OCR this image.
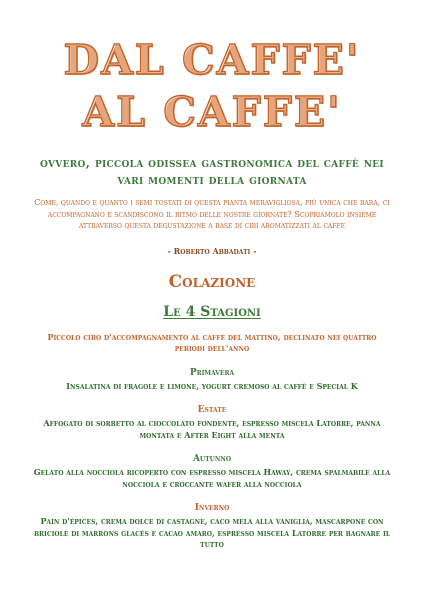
DAL CAFFE'
AL CAFFE'
ovvero, piccola odissea gastronomica del caffè nei vari momenti della giornata
Come, quando e quanto i semi tostati di questa pianta meravigliosa, più unica che rara, ci accompagnano e scandiscono il ritmo delle nostre giornate? Scopriamolo insieme attraverso questa degustazione a base di cibi aromatizzati al caffè
- Roberto Abbadati -
Colazione
Le 4 Stagioni
Piccolo cibo d'accompagnamento al caffè del mattino, declinato nei quattro periodi dell'anno
Primavera
Insalatina di fragole e limone, yogurt cremoso al caffè e Special K
Estate
Affogato di sorbetto al cioccolato fondente, espresso miscela Latorre, panna montata e After Eight alla menta
Autunno
Gelato alla nocciola ricoperto con espresso miscela Haway, crema spalmabile alla nocciola e croccante wafer alla nocciola
Inverno
Pain d'épices, crema dolce di castagne, caco mela alla vaniglia, mascarpone con briciole di marrons glacés e cacao amaro, espresso miscela Latorre per bagnare il tutto
